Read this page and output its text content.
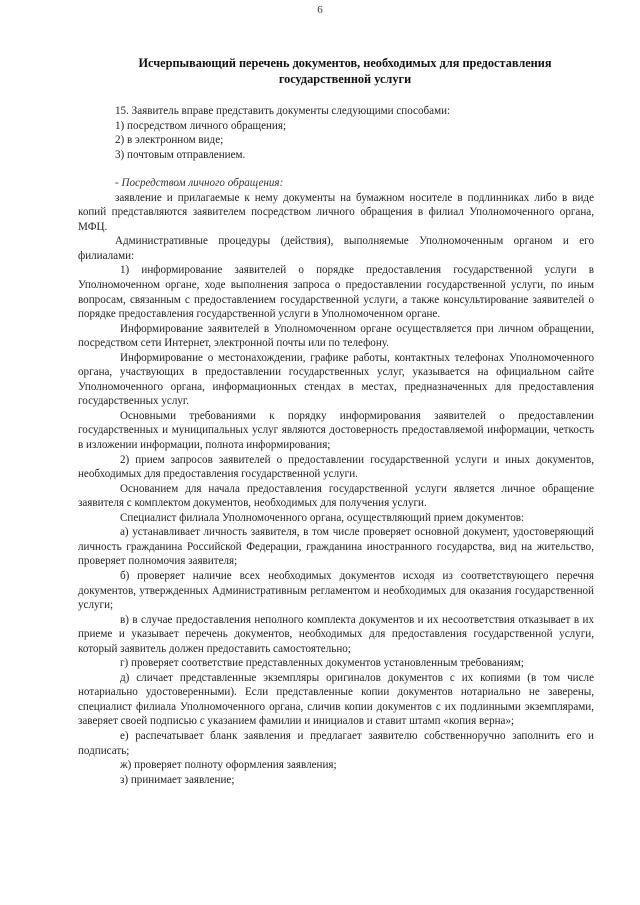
6
Исчерпывающий перечень документов, необходимых для предоставления государственной услуги

15. Заявитель вправе представить документы следующими способами:

1) посредством личного обращения;

2) в электронном виде;

3) почтовым отправлением.

- Посредством личного обращения:

заявление и прилагаемые к нему документы на бумажном носителе в подлинниках либо в виде копий представляются заявителем посредством личного обращения в филиал Уполномоченного органа, МФЦ.

Административные процедуры (действия), выполняемые Уполномоченным органом и его филиалами:

1) информирование заявителей о порядке предоставления государственной услуги в Уполномоченном органе, ходе выполнения запроса о предоставлении государственной услуги, по иным вопросам, связанным с предоставлением государственной услуги, а также консультирование заявителей о порядке предоставления государственной услуги в Уполномоченном органе.

Информирование заявителей в Уполномоченном органе осуществляется при личном обращении, посредством сети Интернет, электронной почты или по телефону.

Информирование о местонахождении, графике работы, контактных телефонах Уполномоченного органа, участвующих в предоставлении государственных услуг, указывается на официальном сайте Уполномоченного органа, информационных стендах в местах, предназначенных для предоставления государственных услуг.

Основными требованиями к порядку информирования заявителей о предоставлении государственных и муниципальных услуг являются достоверность предоставляемой информации, четкость в изложении информации, полнота информирования;

2) прием запросов заявителей о предоставлении государственной услуги и иных документов, необходимых для предоставления государственной услуги.

Основанием для начала предоставления государственной услуги является личное обращение заявителя с комплектом документов, необходимых для получения услуги.

Специалист филиала Уполномоченного органа, осуществляющий прием документов:

а) устанавливает личность заявителя, в том числе проверяет основной документ, удостоверяющий личность гражданина Российской Федерации, гражданина иностранного государства, вид на жительство, проверяет полномочия заявителя;

б) проверяет наличие всех необходимых документов исходя из соответствующего перечня документов, утвержденных Административным регламентом и необходимых для оказания государственной услуги;

в) в случае предоставления неполного комплекта документов и их несоответствия отказывает в их приеме и указывает перечень документов, необходимых для предоставления государственной услуги, который заявитель должен предоставить самостоятельно;

г) проверяет соответствие представленных документов установленным требованиям;

д) сличает представленные экземпляры оригиналов документов с их копиями (в том числе нотариально удостоверенными). Если представленные копии документов нотариально не заверены, специалист филиала Уполномоченного органа, сличив копии документов с их подлинными экземплярами, заверяет своей подписью с указанием фамилии и инициалов и ставит штамп «копия верна»;

е) распечатывает бланк заявления и предлагает заявителю собственноручно заполнить его и подписать;

ж) проверяет полноту оформления заявления;

з) принимает заявление;
